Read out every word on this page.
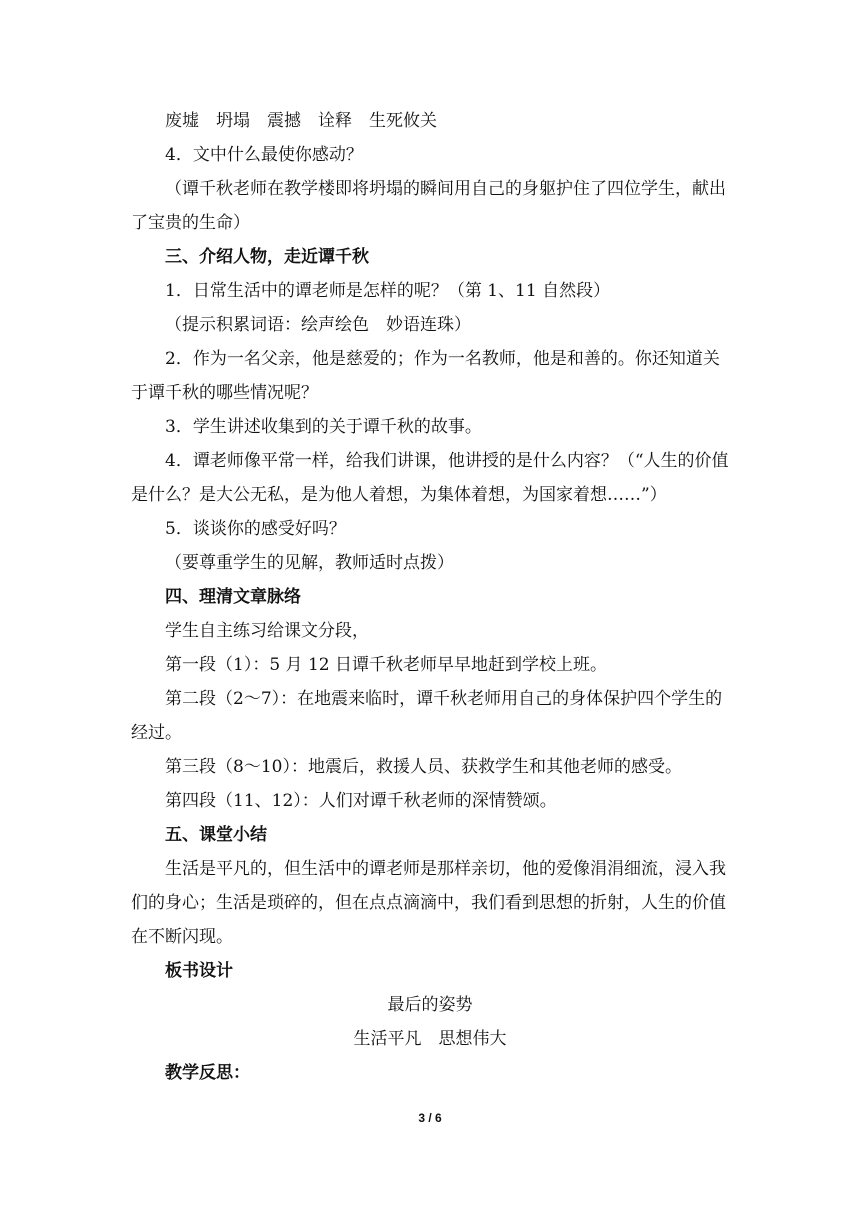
废墟　坍塌　震撼　诠释　生死攸关

4．文中什么最使你感动？

（谭千秋老师在教学楼即将坍塌的瞬间用自己的身躯护住了四位学生，献出了宝贵的生命）

三、介绍人物，走近谭千秋

1．日常生活中的谭老师是怎样的呢？（第 1、11 自然段）

（提示积累词语：绘声绘色　妙语连珠）

2．作为一名父亲，他是慈爱的；作为一名教师，他是和善的。你还知道关于谭千秋的哪些情况呢？

3．学生讲述收集到的关于谭千秋的故事。

4．谭老师像平常一样，给我们讲课，他讲授的是什么内容？（“人生的价值是什么？是大公无私，是为他人着想，为集体着想，为国家着想……”）

5．谈谈你的感受好吗？

（要尊重学生的见解，教师适时点拨）

四、理清文章脉络

学生自主练习给课文分段，

第一段（1）：5 月 12 日谭千秋老师早早地赶到学校上班。

第二段（2～7）：在地震来临时，谭千秋老师用自己的身体保护四个学生的经过。

第三段（8～10）：地震后，救援人员、获救学生和其他老师的感受。

第四段（11、12）：人们对谭千秋老师的深情赞颂。

五、课堂小结

生活是平凡的，但生活中的谭老师是那样亲切，他的爱像涓涓细流，浸入我们的身心；生活是琐碎的，但在点点滴滴中，我们看到思想的折射，人生的价值在不断闪现。

板书设计

最后的姿势

生活平凡　思想伟大

教学反思：

3 / 6
